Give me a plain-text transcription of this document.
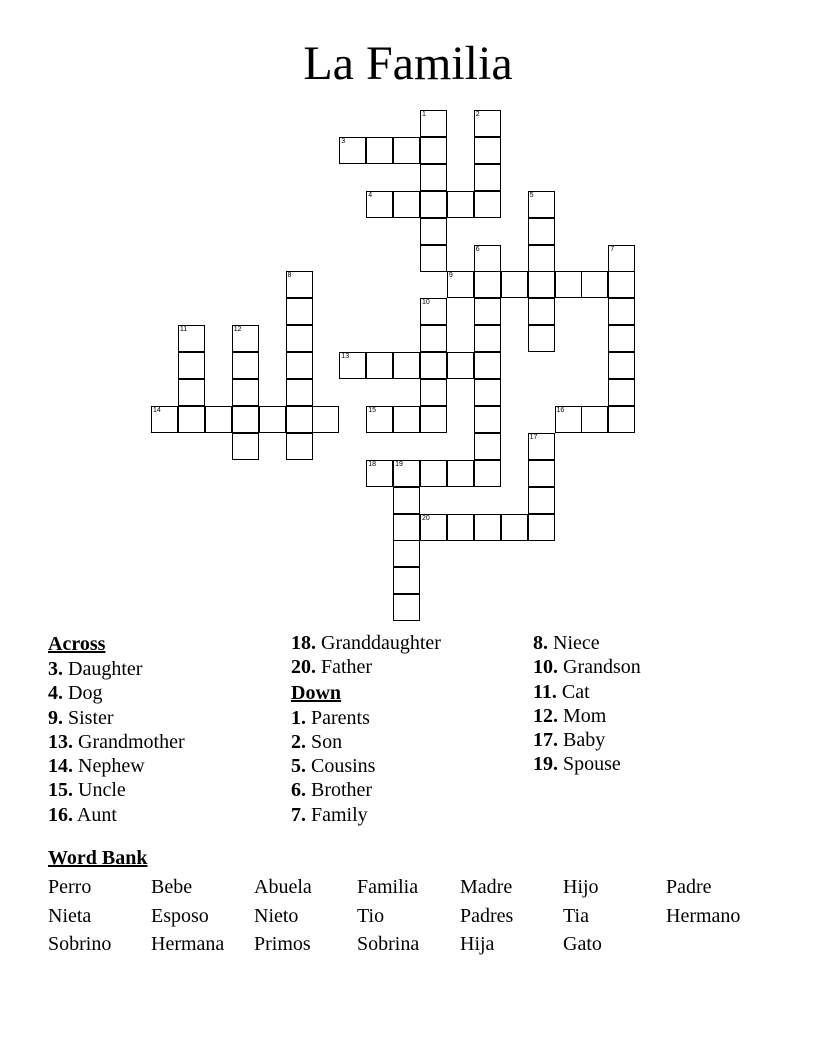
La Familia
1	2
3
4	5
6	7
8	9
10
11	12
13
14	15	16
17
18	19
20
Across
3. Daughter
4. Dog
9. Sister
13. Grandmother
14. Nephew
15. Uncle
16. Aunt
18. Granddaughter
20. Father
Down
1. Parents
2. Son
5. Cousins
6. Brother
7. Family
8. Niece
10. Grandson
11. Cat
12. Mom
17. Baby
19. Spouse
Word Bank
Perro	Bebe	Abuela Familia Madre	Hijo	Padre
Nieta	Esposo Nieto	Tio	Padres Tia	Hermano
Sobrino Hermana Primos Sobrina Hija	Gato
